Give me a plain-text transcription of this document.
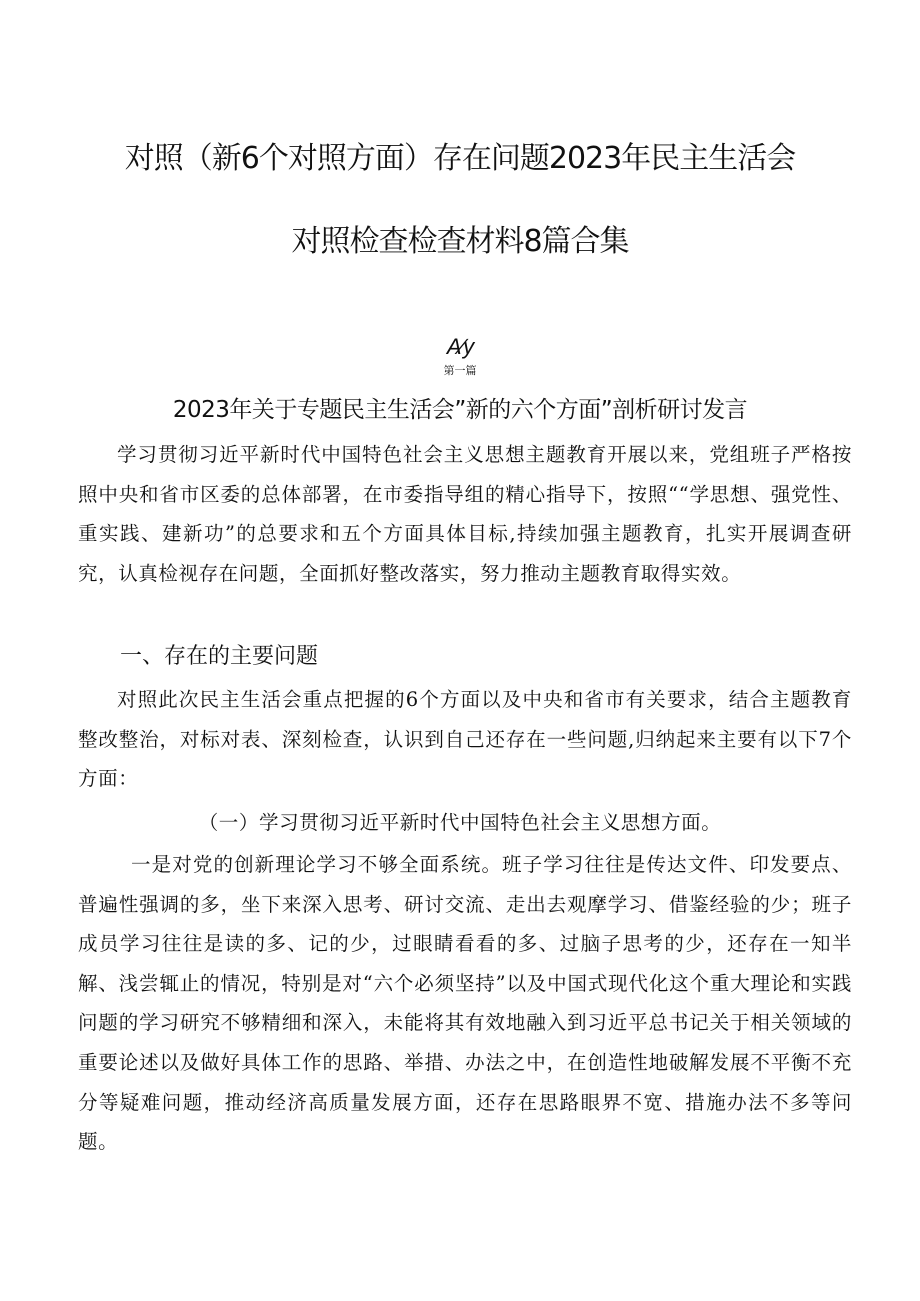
对照（新6个对照方面）存在问题2023年民主生活会
对照检查检查材料8篇合集
A∕y
第一篇
2023年关于专题民主生活会”新的六个方面”剖析研讨发言
学习贯彻习近平新时代中国特色社会主义思想主题教育开展以来，党组班子严格按照中央和省市区委的总体部署，在市委指导组的精心指导下，按照““学思想、强党性、重实践、建新功”的总要求和五个方面具体目标,持续加强主题教育，扎实开展调查研究，认真检视存在问题，全面抓好整改落实，努力推动主题教育取得实效。
一、存在的主要问题
对照此次民主生活会重点把握的6个方面以及中央和省市有关要求，结合主题教育整改整治，对标对表、深刻检查，认识到自己还存在一些问题,归纳起来主要有以下7个方面：
（一）学习贯彻习近平新时代中国特色社会主义思想方面。
一是对党的创新理论学习不够全面系统。班子学习往往是传达文件、印发要点、普遍性强调的多，坐下来深入思考、研讨交流、走出去观摩学习、借鉴经验的少；班子成员学习往往是读的多、记的少，过眼睛看看的多、过脑子思考的少，还存在一知半解、浅尝辄止的情况，特别是对“六个必须坚持”以及中国式现代化这个重大理论和实践问题的学习研究不够精细和深入，未能将其有效地融入到习近平总书记关于相关领域的重要论述以及做好具体工作的思路、举措、办法之中，在创造性地破解发展不平衡不充分等疑难问题，推动经济高质量发展方面，还存在思路眼界不宽、措施办法不多等问题。
